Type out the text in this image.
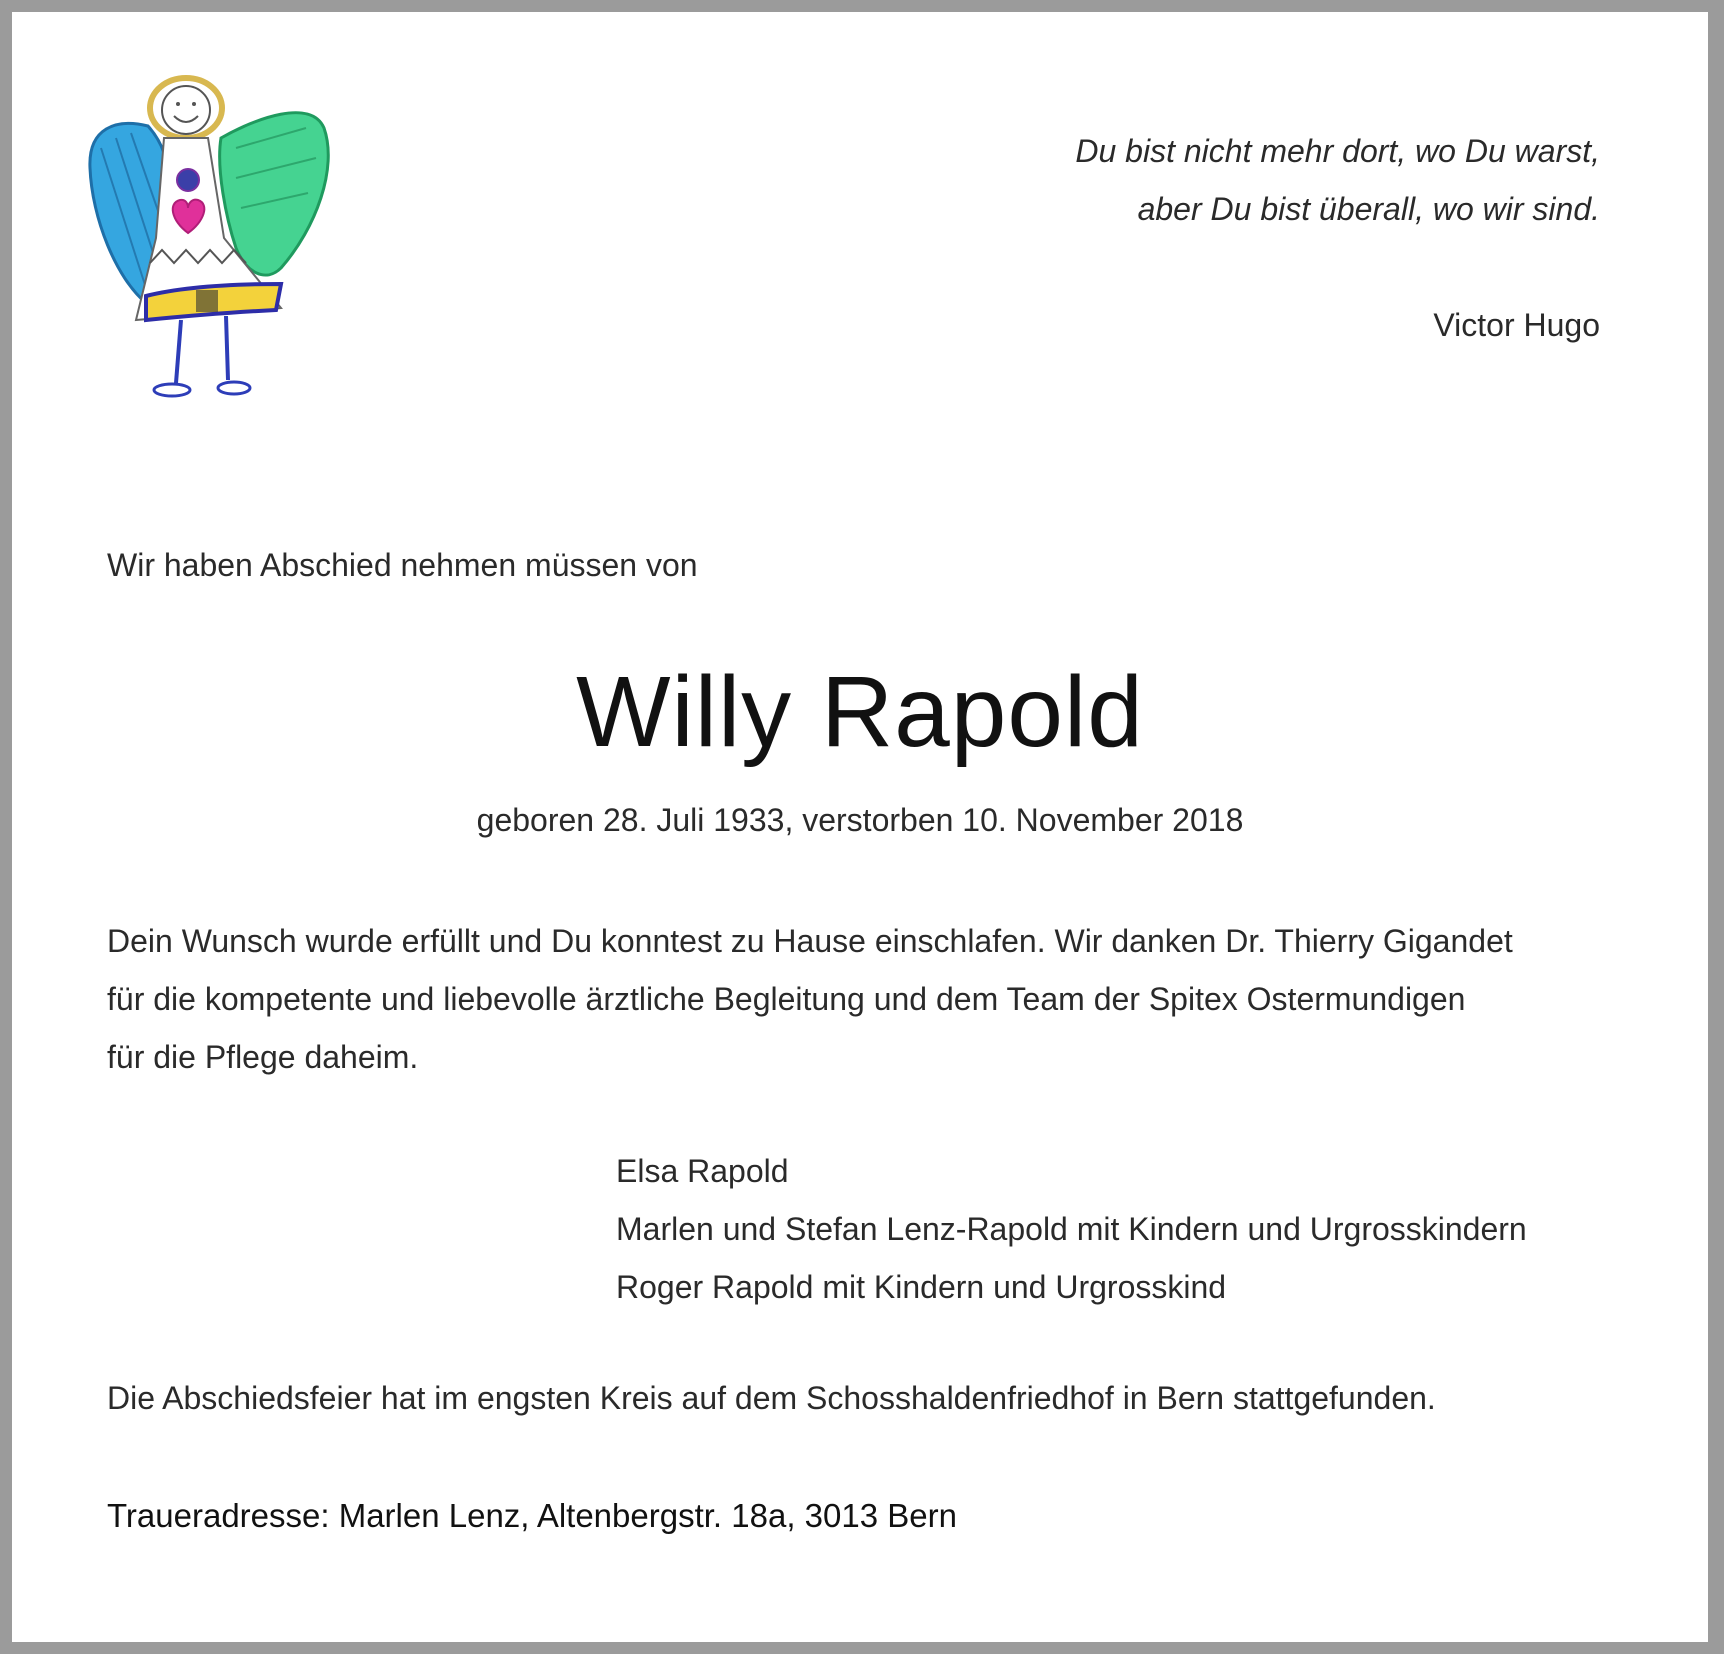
Du bist nicht mehr dort, wo Du warst,
aber Du bist überall, wo wir sind.
Victor Hugo
Wir haben Abschied nehmen müssen von
Willy Rapold
geboren 28. Juli 1933, verstorben 10. November 2018
Dein Wunsch wurde erfüllt und Du konntest zu Hause einschlafen. Wir danken Dr. Thierry Gigandet
für die kompetente und liebevolle ärztliche Begleitung und dem Team der Spitex Ostermundigen
für die Pflege daheim.
Elsa Rapold
Marlen und Stefan Lenz-Rapold mit Kindern und Urgrosskindern
Roger Rapold mit Kindern und Urgrosskind
Die Abschiedsfeier hat im engsten Kreis auf dem Schosshaldenfriedhof in Bern stattgefunden.
Traueradresse: Marlen Lenz, Altenbergstr. 18a, 3013 Bern
